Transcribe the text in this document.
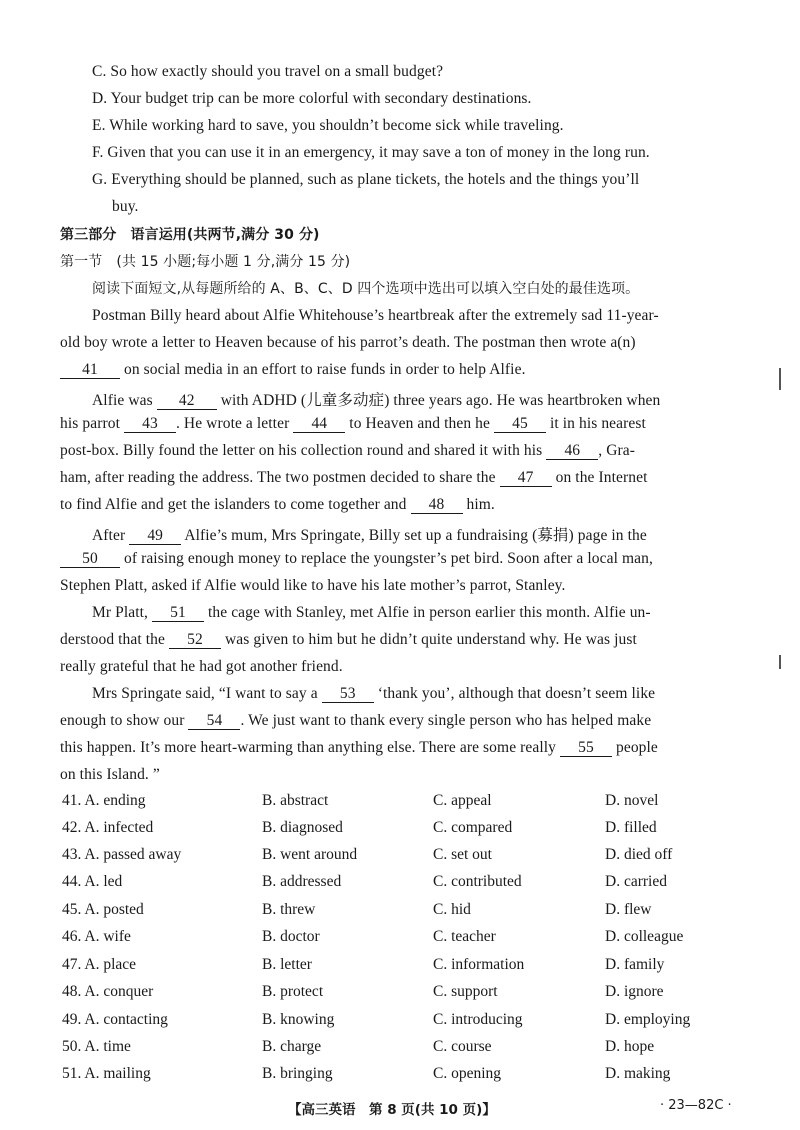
C. So how exactly should you travel on a small budget?
D. Your budget trip can be more colorful with secondary destinations.
E. While working hard to save, you shouldn’t become sick while traveling.
F. Given that you can use it in an emergency, it may save a ton of money in the long run.
G. Everything should be planned, such as plane tickets, the hotels and the things you’ll
buy.
第三部分　语言运用(共两节,满分 30 分)
第一节　(共 15 小题;每小题 1 分,满分 15 分)
阅读下面短文,从每题所给的 A、B、C、D 四个选项中选出可以填入空白处的最佳选项。
Postman Billy heard about Alfie Whitehouse’s heartbreak after the extremely sad 11-year-
old boy wrote a letter to Heaven because of his parrot’s death. The postman then wrote a(n)
41 on social media in an effort to raise funds in order to help Alfie.
Alfie was 42 with ADHD (儿童多动症) three years ago. He was heartbroken when
his parrot 43 . He wrote a letter 44 to Heaven and then he 45 it in his nearest
post-box. Billy found the letter on his collection round and shared it with his 46 , Gra-
ham, after reading the address. The two postmen decided to share the 47 on the Internet
to find Alfie and get the islanders to come together and 48 him.
After 49 Alfie’s mum, Mrs Springate, Billy set up a fundraising (募捐) page in the
50 of raising enough money to replace the youngster’s pet bird. Soon after a local man,
Stephen Platt, asked if Alfie would like to have his late mother’s parrot, Stanley.
Mr Platt, 51 the cage with Stanley, met Alfie in person earlier this month. Alfie un-
derstood that the 52 was given to him but he didn’t quite understand why. He was just
really grateful that he had got another friend.
Mrs Springate said, “I want to say a 53 ‘thank you’, although that doesn’t seem like
enough to show our 54 . We just want to thank every single person who has helped make
this happen. It’s more heart-warming than anything else. There are some really 55 people
on this Island. ”
41. A. ending	B. abstract	C. appeal	D. novel
42. A. infected	B. diagnosed	C. compared	D. filled
43. A. passed away	B. went around	C. set out	D. died off
44. A. led	B. addressed	C. contributed	D. carried
45. A. posted	B. threw	C. hid	D. flew
46. A. wife	B. doctor	C. teacher	D. colleague
47. A. place	B. letter	C. information	D. family
48. A. conquer	B. protect	C. support	D. ignore
49. A. contacting	B. knowing	C. introducing	D. employing
50. A. time	B. charge	C. course	D. hope
51. A. mailing	B. bringing	C. opening	D. making
【高三英语　第 8 页(共 10 页)】	· 23—82C ·
